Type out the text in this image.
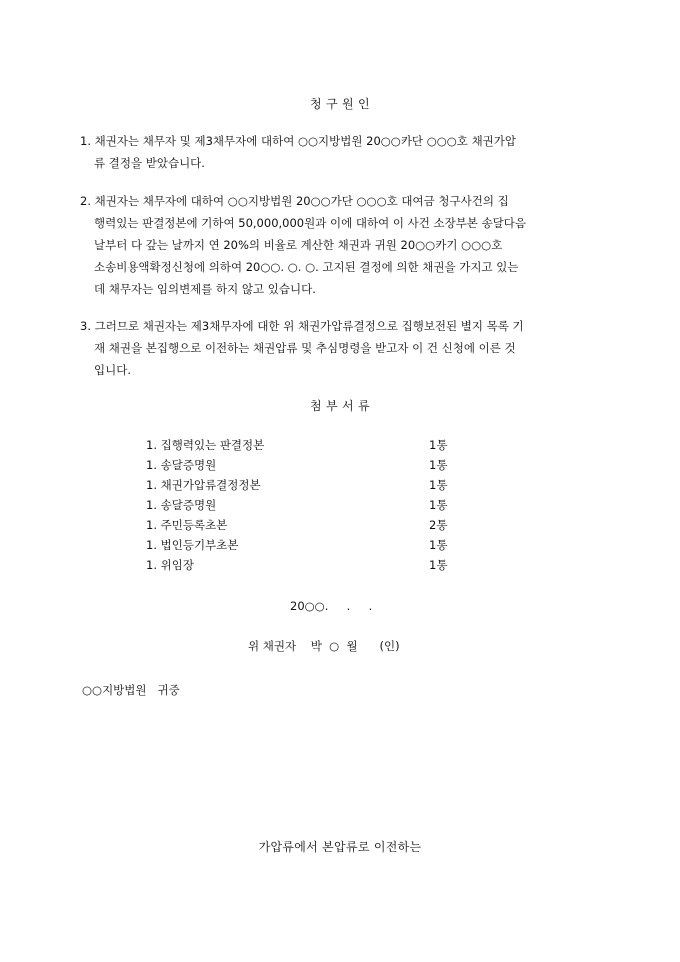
청 구 원 인
1. 채권자는 채무자 및 제3채무자에 대하여 ○○지방법원 20○○카단 ○○○호 채권가압
류 결정을 받았습니다.
2. 채권자는 채무자에 대하여 ○○지방법원 20○○가단 ○○○호 대여금 청구사건의 집
행력있는 판결정본에 기하여 50,000,000원과 이에 대하여 이 사건 소장부본 송달다음
날부터 다 갚는 날까지 연 20%의 비율로 계산한 채권과 귀원 20○○카기 ○○○호
소송비용액확정신청에 의하여 20○○. ○. ○. 고지된 결정에 의한 채권을 가지고 있는
데 채무자는 임의변제를 하지 않고 있습니다.
3. 그러므로 채권자는 제3채무자에 대한 위 채권가압류결정으로 집행보전된 별지 목록 기
재 채권을 본집행으로 이전하는 채권압류 및 추심명령을 받고자 이 건 신청에 이른 것
입니다.
첨 부 서 류
1. 집행력있는 판결정본	1통
1. 송달증명원	1통
1. 채권가압류결정정본	1통
1. 송달증명원	1통
1. 주민등록초본	2통
1. 법인등기부초본	1통
1. 위임장	1통
20○○.     .     .
위 채권자    박  ○  월      (인)
○○지방법원   귀중
가압류에서 본압류로 이전하는
